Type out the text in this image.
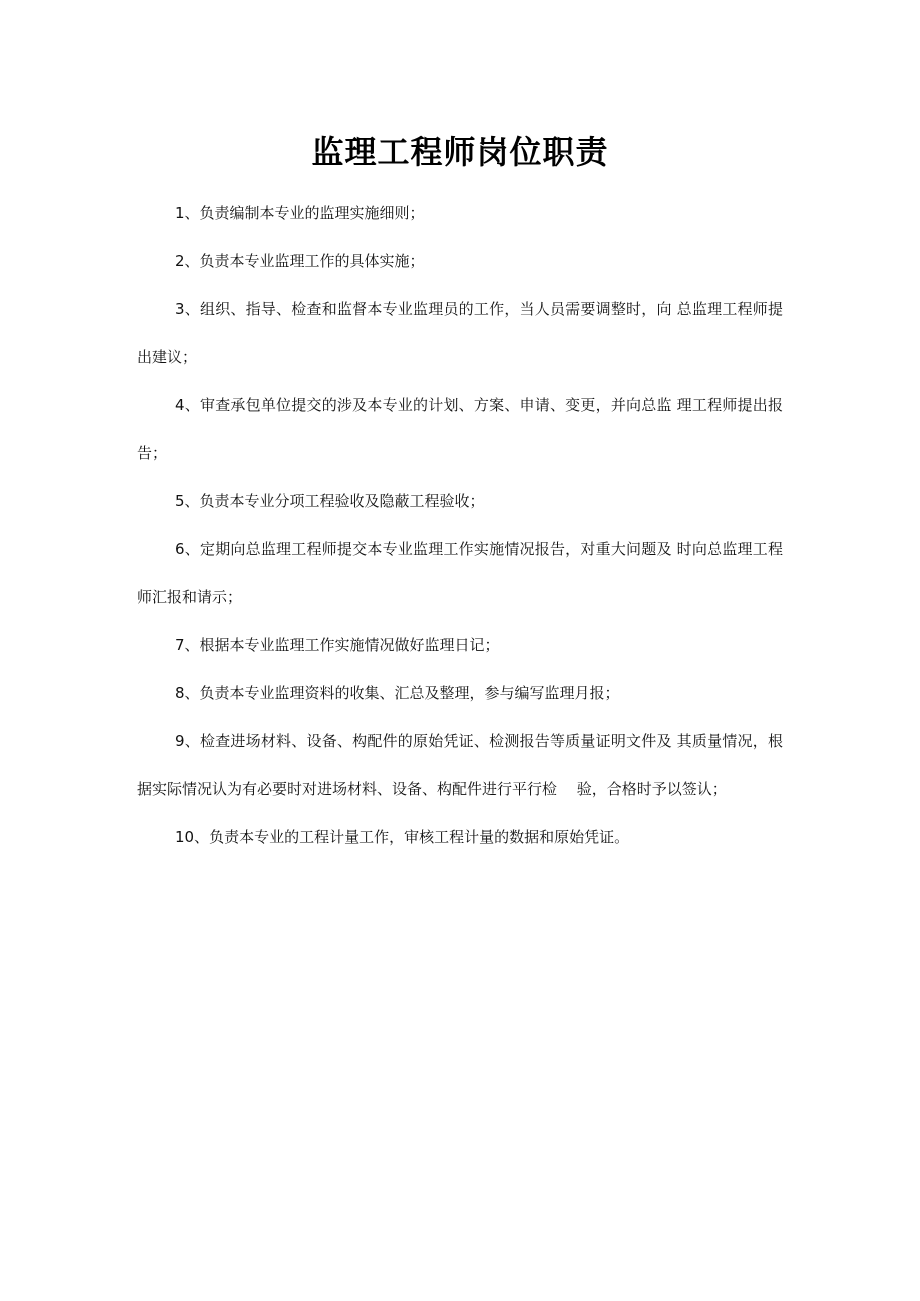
监理工程师岗位职责

1、负责编制本专业的监理实施细则；

2、负责本专业监理工作的具体实施；

3、组织、指导、检查和监督本专业监理员的工作，当人员需要调整时，向 总监理工程师提出建议；

4、审查承包单位提交的涉及本专业的计划、方案、申请、变更，并向总监 理工程师提出报告；

5、负责本专业分项工程验收及隐蔽工程验收；

6、定期向总监理工程师提交本专业监理工作实施情况报告，对重大问题及 时向总监理工程师汇报和请示；

7、根据本专业监理工作实施情况做好监理日记；

8、负责本专业监理资料的收集、汇总及整理，参与编写监理月报；

9、检查进场材料、设备、构配件的原始凭证、检测报告等质量证明文件及 其质量情况，根据实际情况认为有必要时对进场材料、设备、构配件进行平行检　 验，合格时予以签认；

10、负责本专业的工程计量工作，审核工程计量的数据和原始凭证。
